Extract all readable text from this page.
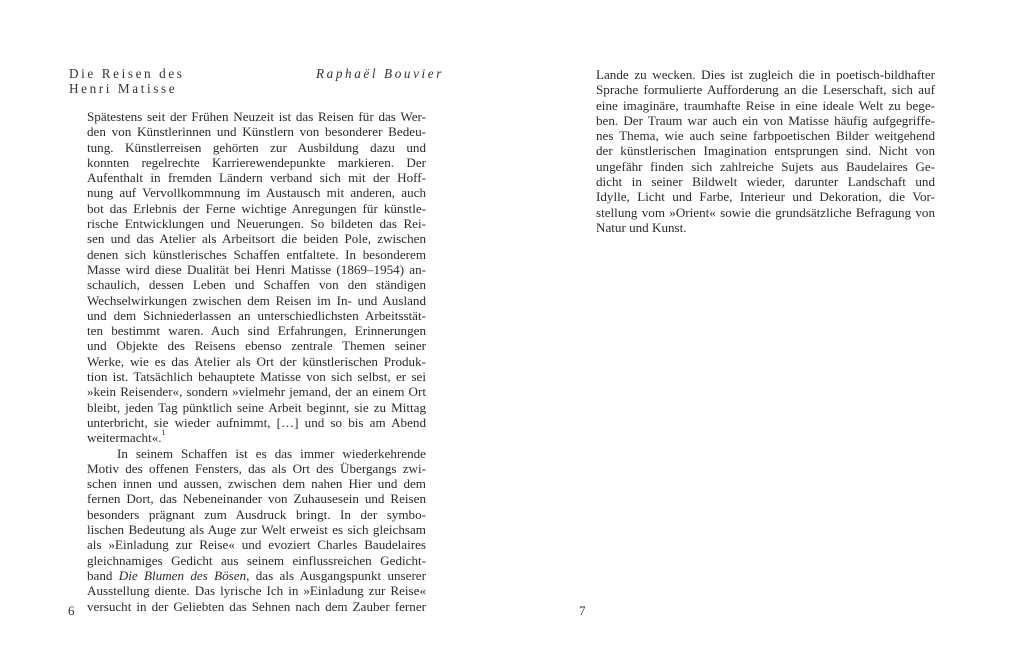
Die Reisen des
Henri Matisse
Raphaël Bouvier
Spätestens seit der Frühen Neuzeit ist das Reisen für das Wer-
den von Künstlerinnen und Künstlern von besonderer Bedeu-
tung. Künstlerreisen gehörten zur Ausbildung dazu und
konnten regelrechte Karrierewendepunkte markieren. Der
Aufenthalt in fremden Ländern verband sich mit der Hoff-
nung auf Vervollkommnung im Austausch mit anderen, auch
bot das Erlebnis der Ferne wichtige Anregungen für künstle-
rische Entwicklungen und Neuerungen. So bildeten das Rei-
sen und das Atelier als Arbeitsort die beiden Pole, zwischen
denen sich künstlerisches Schaffen entfaltete. In besonderem
Masse wird diese Dualität bei Henri Matisse (1869–1954) an-
schaulich, dessen Leben und Schaffen von den ständigen
Wechselwirkungen zwischen dem Reisen im In- und Ausland
und dem Sichniederlassen an unterschiedlichsten Arbeitsstät-
ten bestimmt waren. Auch sind Erfahrungen, Erinnerungen
und Objekte des Reisens ebenso zentrale Themen seiner
Werke, wie es das Atelier als Ort der künstlerischen Produk-
tion ist. Tatsächlich behauptete Matisse von sich selbst, er sei
»kein Reisender«, sondern »vielmehr jemand, der an einem Ort
bleibt, jeden Tag pünktlich seine Arbeit beginnt, sie zu Mittag
unterbricht, sie wieder aufnimmt, […] und so bis am Abend
weitermacht«.$^1$
In seinem Schaffen ist es das immer wiederkehrende
Motiv des offenen Fensters, das als Ort des Übergangs zwi-
schen innen und aussen, zwischen dem nahen Hier und dem
fernen Dort, das Nebeneinander von Zuhausesein und Reisen
besonders prägnant zum Ausdruck bringt. In der symbo-
lischen Bedeutung als Auge zur Welt erweist es sich gleichsam
als »Einladung zur Reise« und evoziert Charles Baudelaires
gleichnamiges Gedicht aus seinem einflussreichen Gedicht-
band Die Blumen des Bösen, das als Ausgangspunkt unserer
Ausstellung diente. Das lyrische Ich in »Einladung zur Reise«
versucht in der Geliebten das Sehnen nach dem Zauber ferner
6
Lande zu wecken. Dies ist zugleich die in poetisch-bildhafter
Sprache formulierte Aufforderung an die Leserschaft, sich auf
eine imaginäre, traumhafte Reise in eine ideale Welt zu bege-
ben. Der Traum war auch ein von Matisse häufig aufgegriffe-
nes Thema, wie auch seine farbpoetischen Bilder weitgehend
der künstlerischen Imagination entsprungen sind. Nicht von
ungefähr finden sich zahlreiche Sujets aus Baudelaires Ge-
dicht in seiner Bildwelt wieder, darunter Landschaft und
Idylle, Licht und Farbe, Interieur und Dekoration, die Vor-
stellung vom »Orient« sowie die grundsätzliche Befragung von
Natur und Kunst.
7
